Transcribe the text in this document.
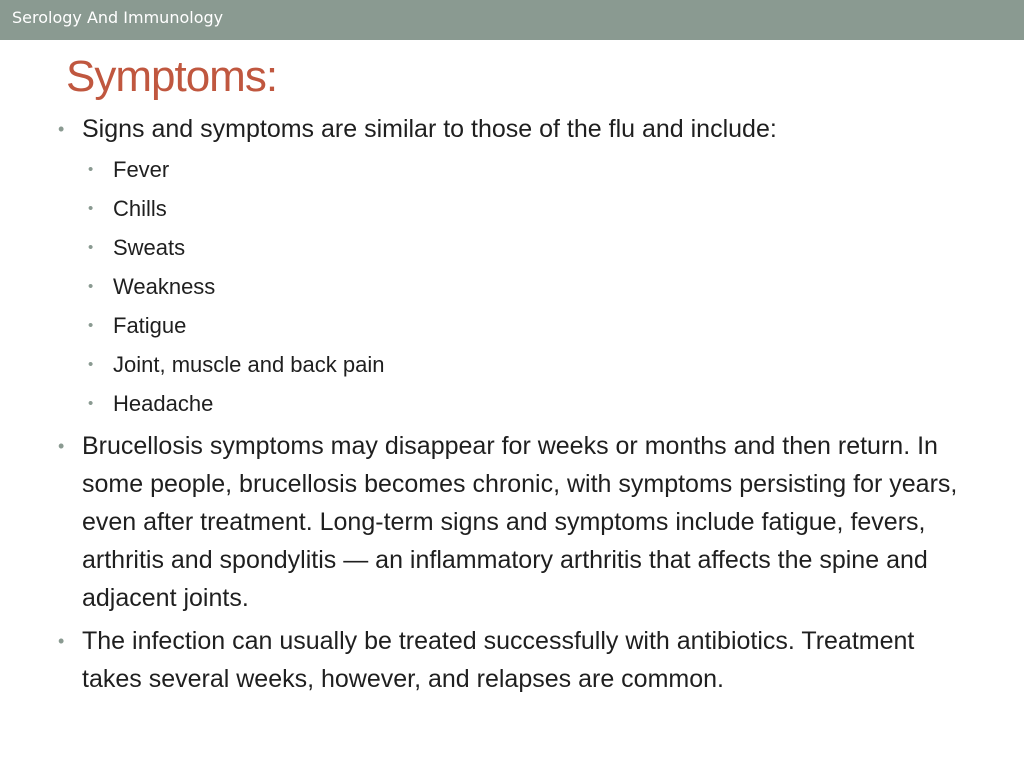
Serology And Immunology
Symptoms:
• Signs and symptoms are similar to those of the flu and include:
• Fever
• Chills
• Sweats
• Weakness
• Fatigue
• Joint, muscle and back pain
• Headache
• Brucellosis symptoms may disappear for weeks or months and then return. In some people, brucellosis becomes chronic, with symptoms persisting for years, even after treatment. Long-term signs and symptoms include fatigue, fevers, arthritis and spondylitis — an inflammatory arthritis that affects the spine and adjacent joints.
• The infection can usually be treated successfully with antibiotics. Treatment takes several weeks, however, and relapses are common.
